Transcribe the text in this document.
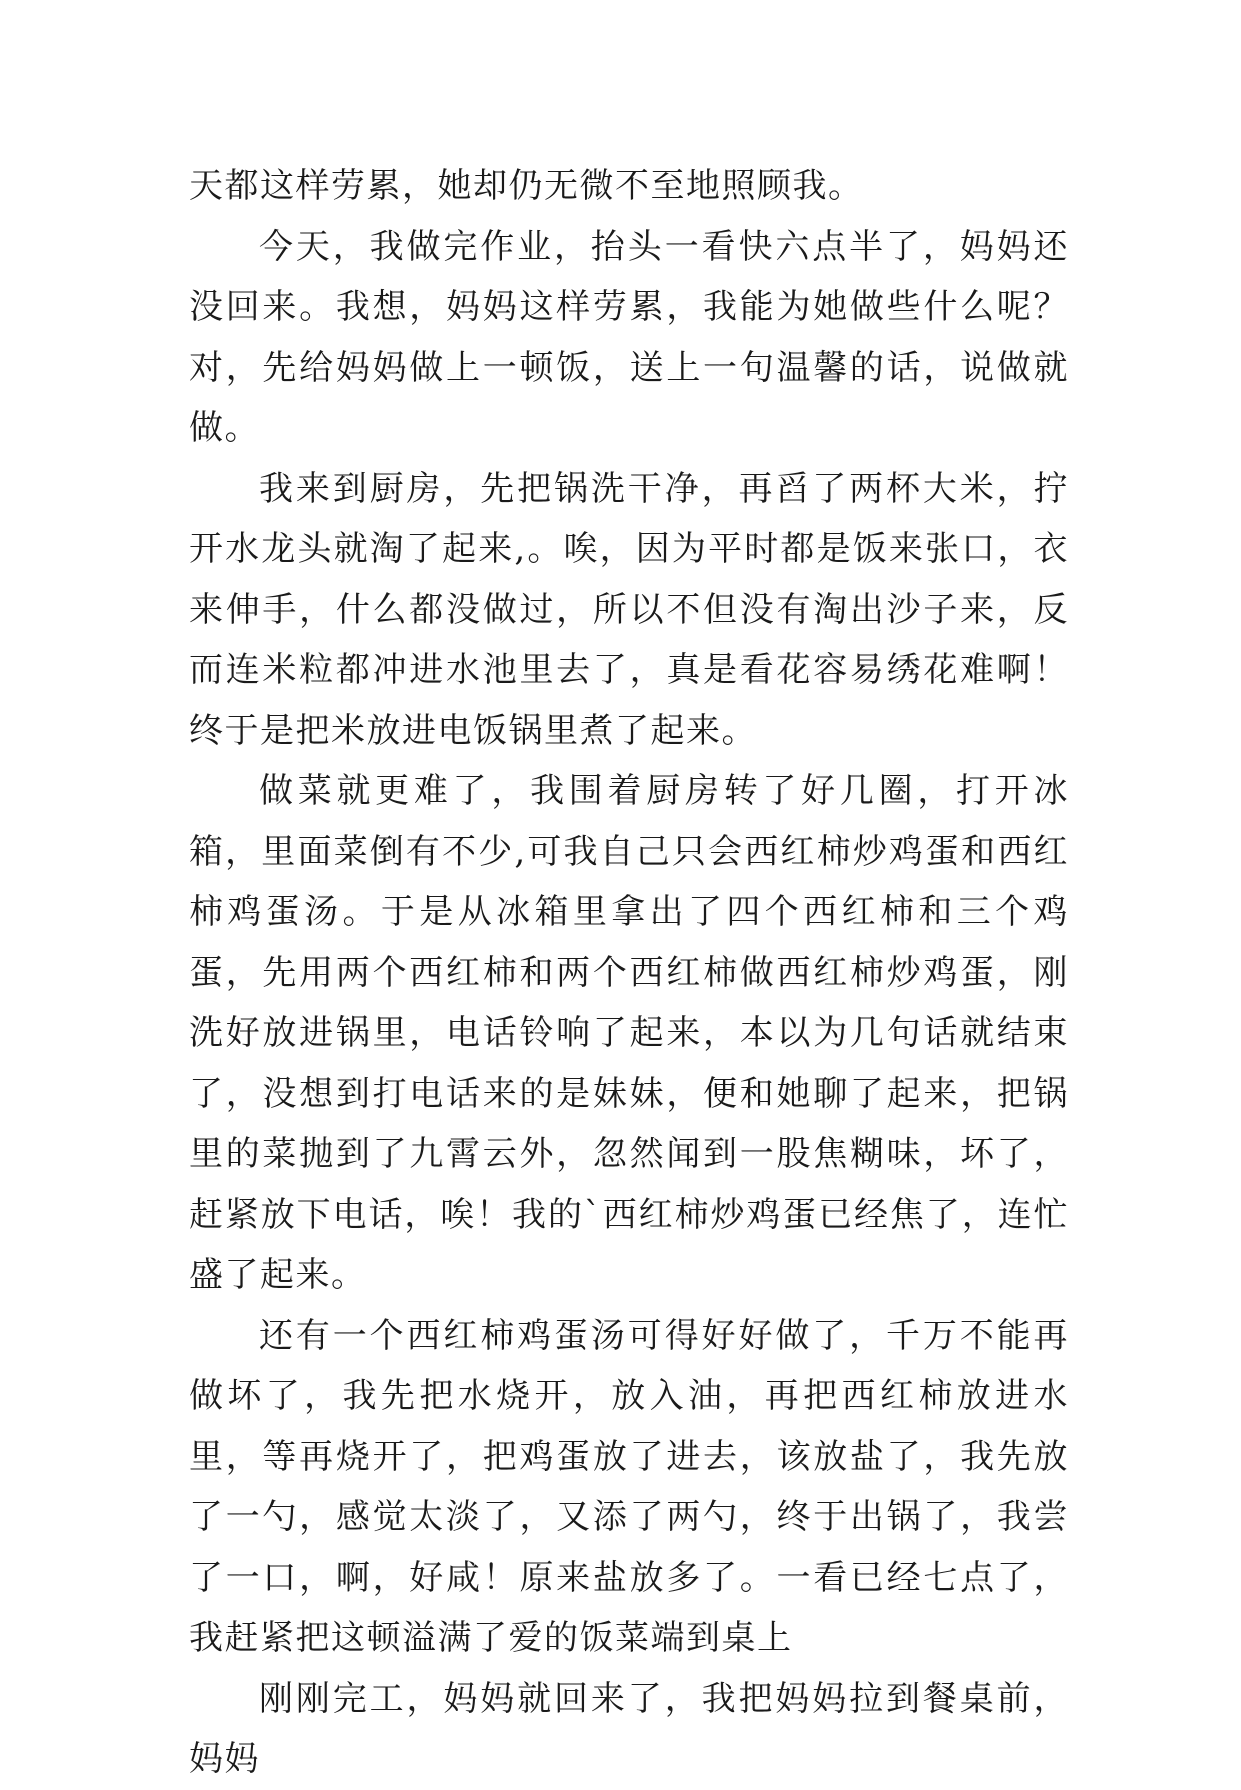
天都这样劳累，她却仍无微不至地照顾我。

今天，我做完作业，抬头一看快六点半了，妈妈还没回来。我想，妈妈这样劳累，我能为她做些什么呢？对，先给妈妈做上一顿饭，送上一句温馨的话，说做就做。

我来到厨房，先把锅洗干净，再舀了两杯大米，拧开水龙头就淘了起来,。唉，因为平时都是饭来张口，衣来伸手，什么都没做过，所以不但没有淘出沙子来，反而连米粒都冲进水池里去了，真是看花容易绣花难啊！终于是把米放进电饭锅里煮了起来。

做菜就更难了，我围着厨房转了好几圈，打开冰箱，里面菜倒有不少,可我自己只会西红柿炒鸡蛋和西红柿鸡蛋汤。于是从冰箱里拿出了四个西红柿和三个鸡蛋，先用两个西红柿和两个西红柿做西红柿炒鸡蛋，刚洗好放进锅里，电话铃响了起来，本以为几句话就结束了，没想到打电话来的是妹妹，便和她聊了起来，把锅里的菜抛到了九霄云外，忽然闻到一股焦糊味，坏了，赶紧放下电话，唉！我的`西红柿炒鸡蛋已经焦了，连忙盛了起来。

还有一个西红柿鸡蛋汤可得好好做了，千万不能再做坏了，我先把水烧开，放入油，再把西红柿放进水里，等再烧开了，把鸡蛋放了进去，该放盐了，我先放了一勺，感觉太淡了，又添了两勺，终于出锅了，我尝了一口，啊，好咸！原来盐放多了。一看已经七点了，我赶紧把这顿溢满了爱的饭菜端到桌上

刚刚完工，妈妈就回来了，我把妈妈拉到餐桌前，妈妈
